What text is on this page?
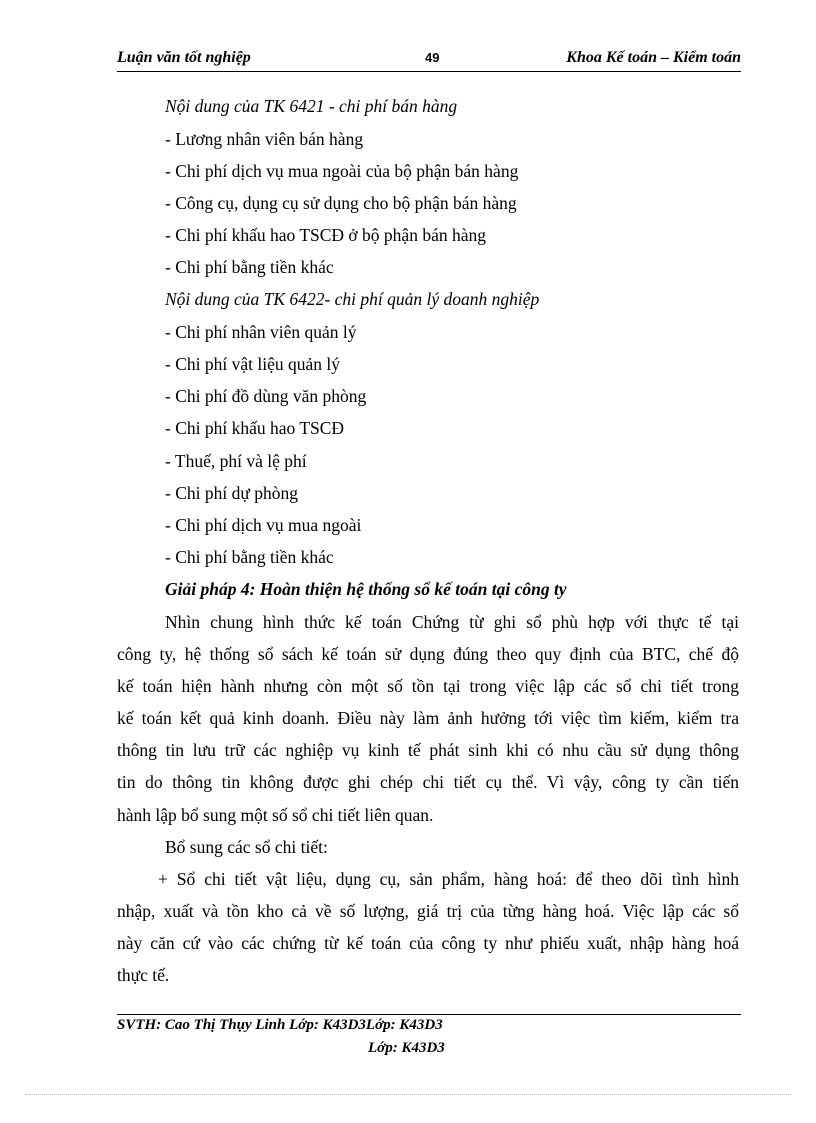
Luận văn tốt nghiệp	49	Khoa Kế toán – Kiểm toán
Nội dung của TK 6421 - chi phí bán hàng
- Lương nhân viên bán hàng
- Chi phí dịch vụ mua ngoài của bộ phận bán hàng
- Công cụ, dụng cụ sử dụng cho bộ phận bán hàng
- Chi phí khấu hao TSCĐ ở bộ phận bán hàng
- Chi phí bằng tiền khác
Nội dung của TK 6422- chi phí quản lý doanh nghiệp
- Chi phí nhân viên quản lý
- Chi phí vật liệu quản lý
- Chi phí đồ dùng văn phòng
- Chi phí khấu hao TSCĐ
- Thuế, phí và lệ phí
- Chi phí dự phòng
- Chi phí dịch vụ mua ngoài
- Chi phí bằng tiền khác
Giải pháp 4: Hoàn thiện hệ thống sổ kế toán tại công ty
Nhìn chung hình thức kế toán Chứng từ ghi sổ phù hợp với thực tế tại
công ty, hệ thống sổ sách kế toán sử dụng đúng theo quy định của BTC, chế độ
kế toán hiện hành nhưng còn một số tồn tại trong việc lập các sổ chi tiết trong
kế toán kết quả kinh doanh. Điều này làm ảnh hưởng tới việc tìm kiếm, kiểm tra
thông tin lưu trữ các nghiệp vụ kinh tế phát sinh khi có nhu cầu sử dụng thông
tin do thông tin không được ghi chép chi tiết cụ thể. Vì vậy, công ty cần tiến
hành lập bổ sung một số sổ chi tiết liên quan.
Bổ sung các sổ chi tiết:
+ Sổ chi tiết vật liệu, dụng cụ, sản phẩm, hàng hoá: để theo dõi tình hình
nhập, xuất và tồn kho cả về số lượng, giá trị của từng hàng hoá. Việc lập các sổ
này căn cứ vào các chứng từ kế toán của công ty như phiếu xuất, nhập hàng hoá
thực tế.
SVTH: Cao Thị Thụy Linh Lớp: K43D3Lớp: K43D3
Lớp: K43D3
